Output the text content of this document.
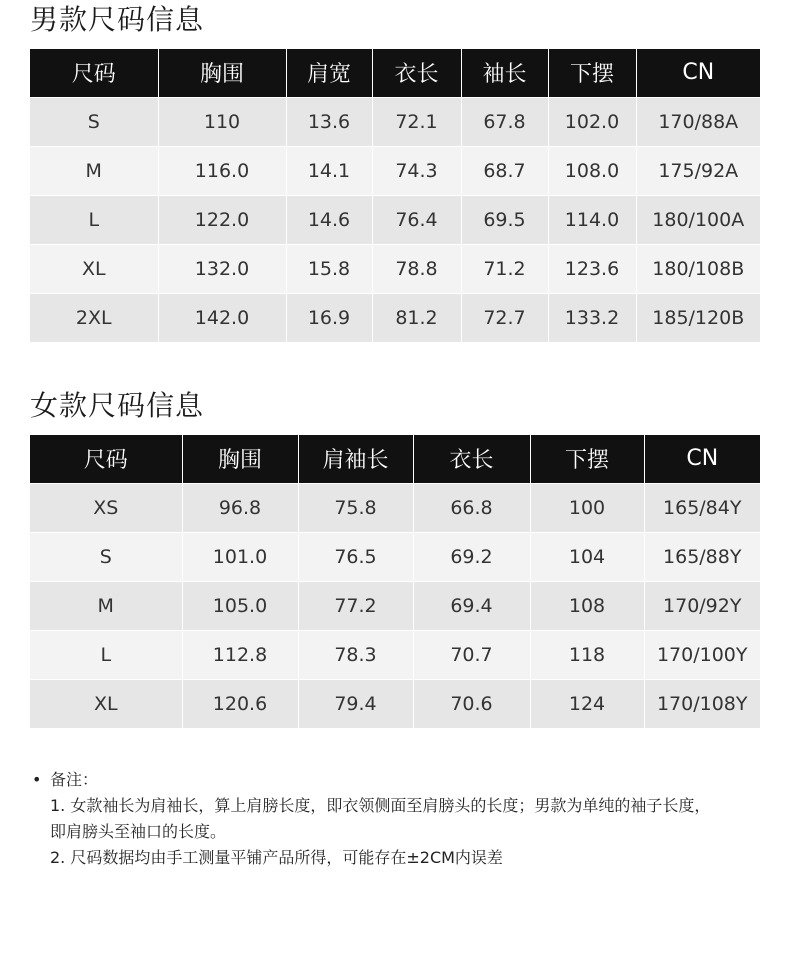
男款尺码信息
尺码	胸围	肩宽	衣长	袖长	下摆	CN
S	110	13.6	72.1	67.8	102.0	170/88A
M	116.0	14.1	74.3	68.7	108.0	175/92A
L	122.0	14.6	76.4	69.5	114.0	180/100A
XL	132.0	15.8	78.8	71.2	123.6	180/108B
2XL	142.0	16.9	81.2	72.7	133.2	185/120B
女款尺码信息
尺码	胸围	肩袖长	衣长	下摆	CN
XS	96.8	75.8	66.8	100	165/84Y
S	101.0	76.5	69.2	104	165/88Y
M	105.0	77.2	69.4	108	170/92Y
L	112.8	78.3	70.7	118	170/100Y
XL	120.6	79.4	70.6	124	170/108Y
• 备注：
1. 女款袖长为肩袖长，算上肩膀长度，即衣领侧面至肩膀头的长度；男款为单纯的袖子长度，
即肩膀头至袖口的长度。
2. 尺码数据均由手工测量平铺产品所得，可能存在±2CM内误差
